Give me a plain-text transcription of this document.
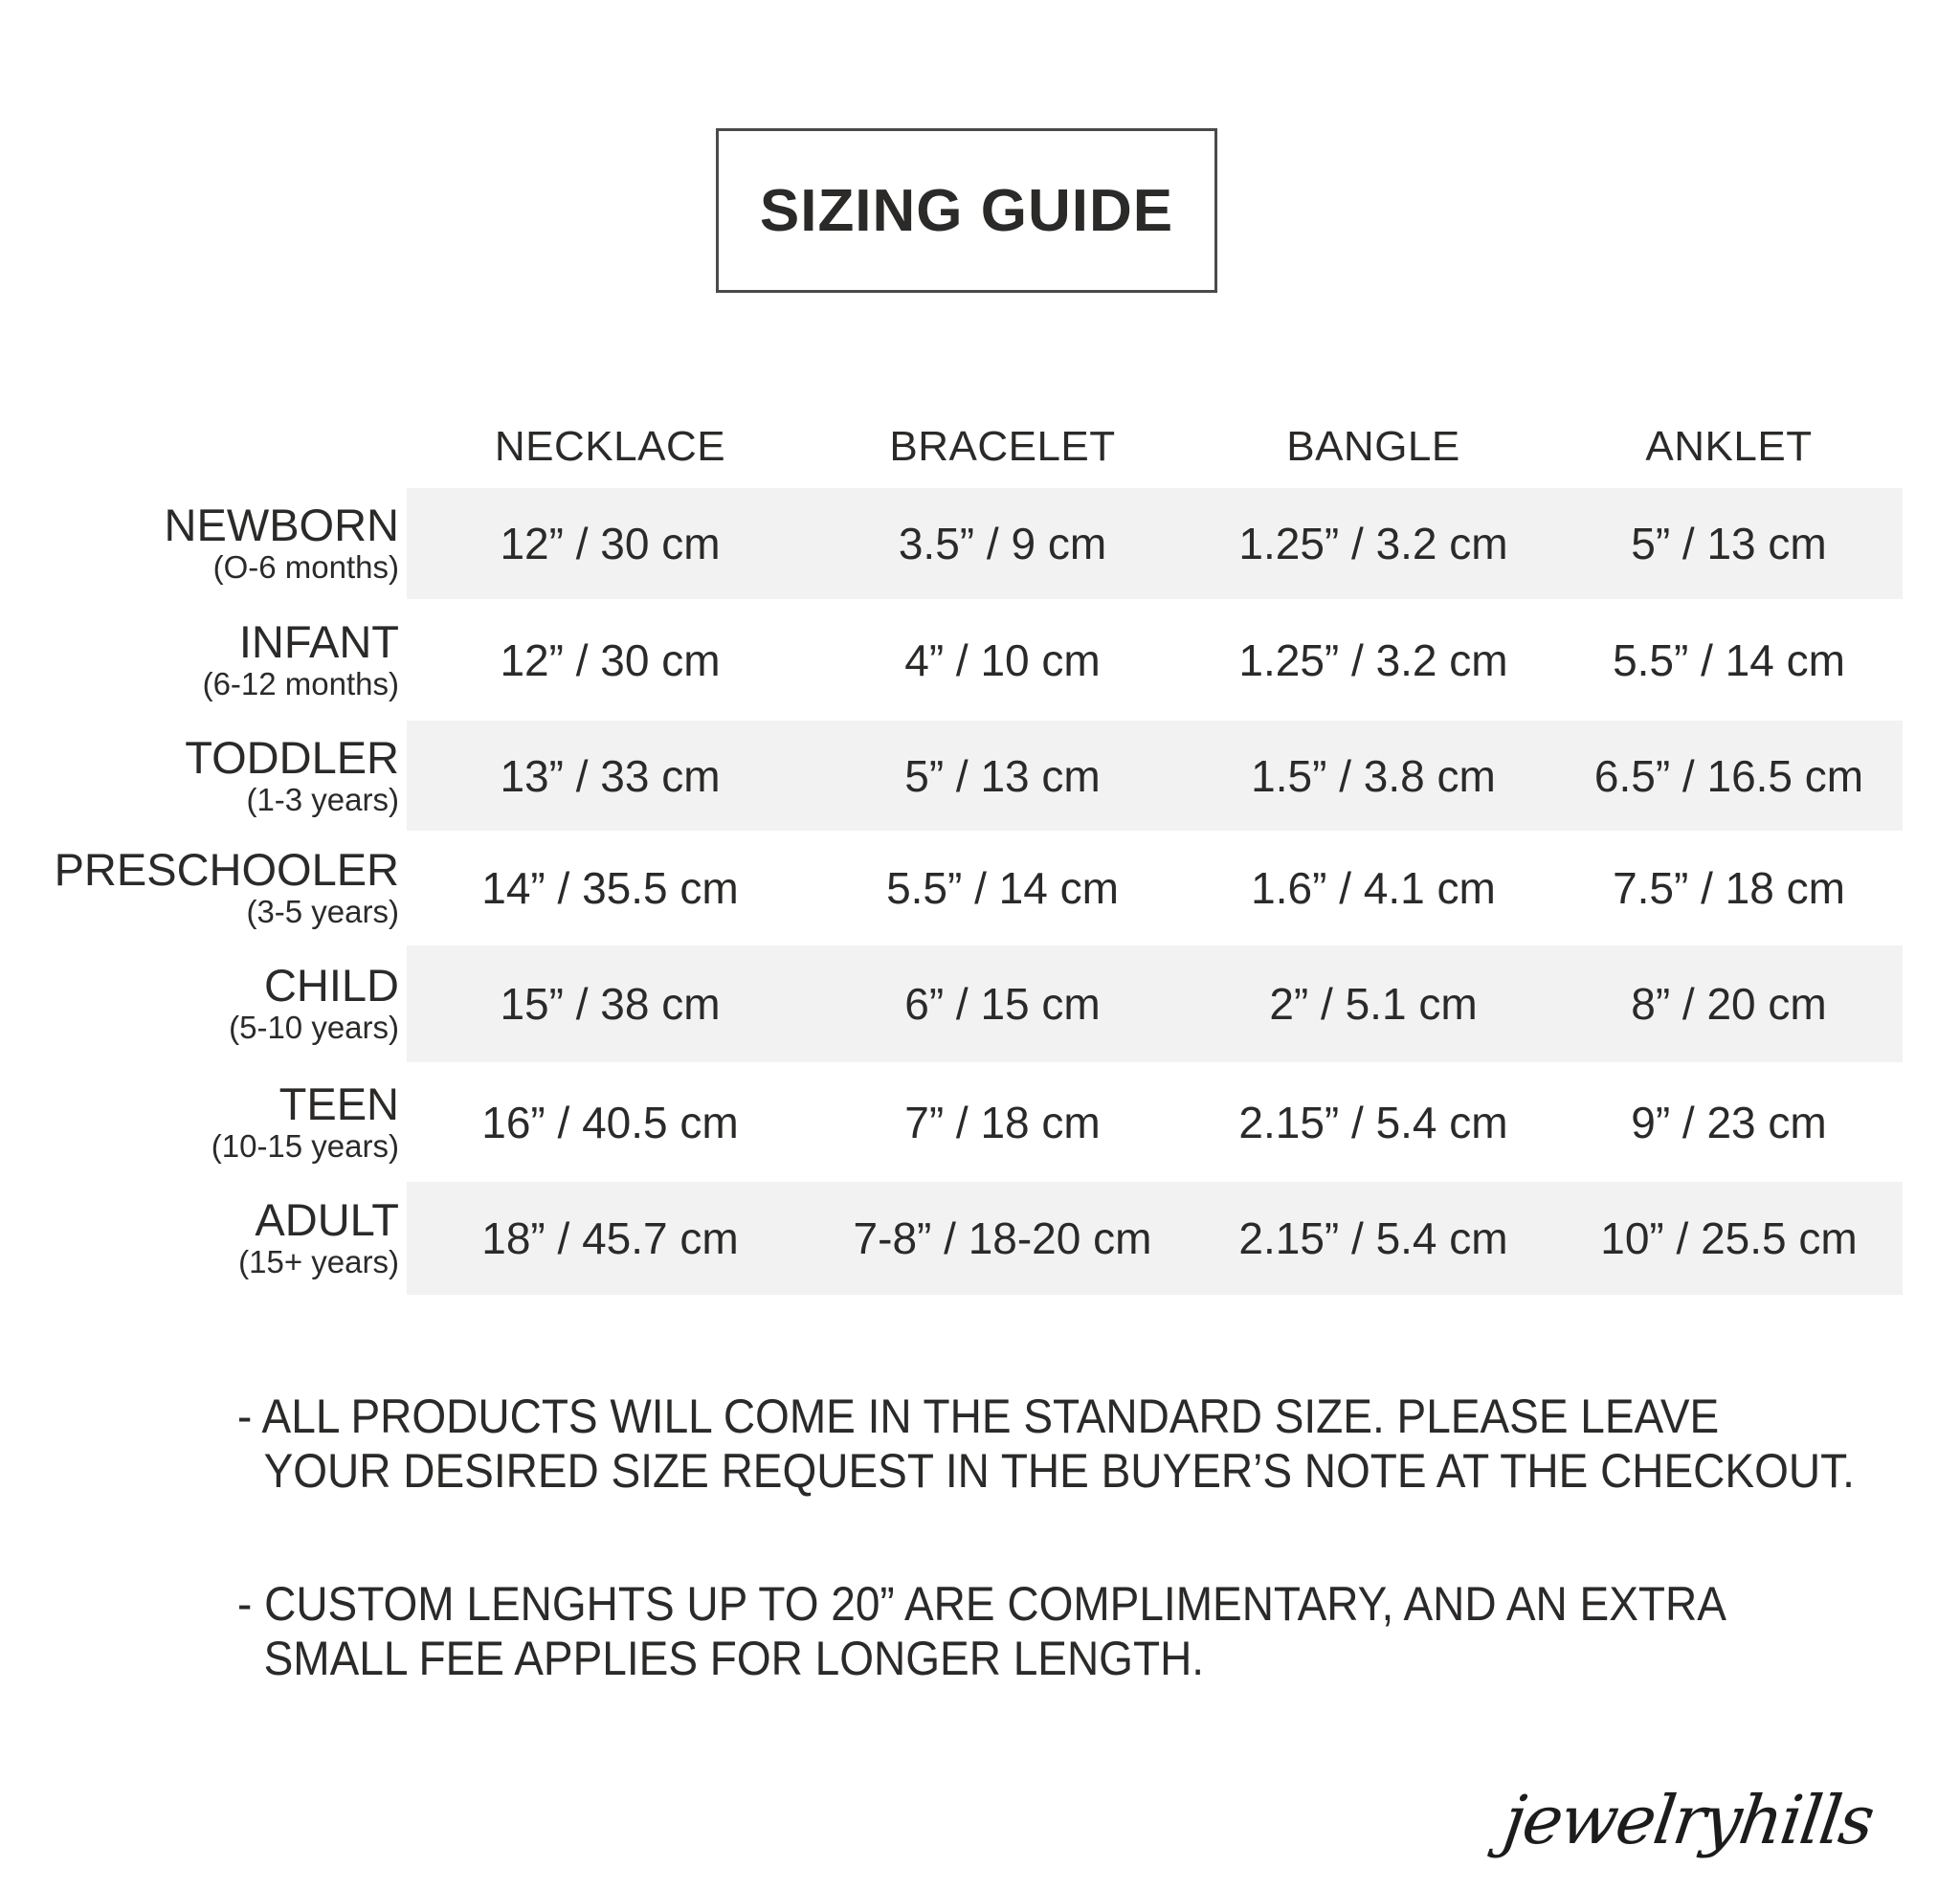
SIZING GUIDE
NECKLACE	BRACELET	BANGLE	ANKLET
NEWBORN
(O-6 months)	12” / 30 cm	3.5” / 9 cm	1.25” / 3.2 cm	5” / 13 cm
INFANT
(6-12 months)	12” / 30 cm	4” / 10 cm	1.25” / 3.2 cm	5.5” / 14 cm
TODDLER
(1-3 years)	13” / 33 cm	5” / 13 cm	1.5” / 3.8 cm	6.5” / 16.5 cm
PRESCHOOLER
(3-5 years)	14” / 35.5 cm	5.5” / 14 cm	1.6” / 4.1 cm	7.5” / 18 cm
CHILD
(5-10 years)	15” / 38 cm	6” / 15 cm	2” / 5.1 cm	8” / 20 cm
TEEN
(10-15 years)	16” / 40.5 cm	7” / 18 cm	2.15” / 5.4 cm	9” / 23 cm
ADULT
(15+ years)	18” / 45.7 cm	7-8” / 18-20 cm	2.15” / 5.4 cm	10” / 25.5 cm
- ALL PRODUCTS WILL COME IN THE STANDARD SIZE. PLEASE LEAVE
YOUR DESIRED SIZE REQUEST IN THE BUYER’S NOTE AT THE CHECKOUT.
- CUSTOM LENGHTS UP TO 20” ARE COMPLIMENTARY, AND AN EXTRA
SMALL FEE APPLIES FOR LONGER LENGTH.
jewelryhills
